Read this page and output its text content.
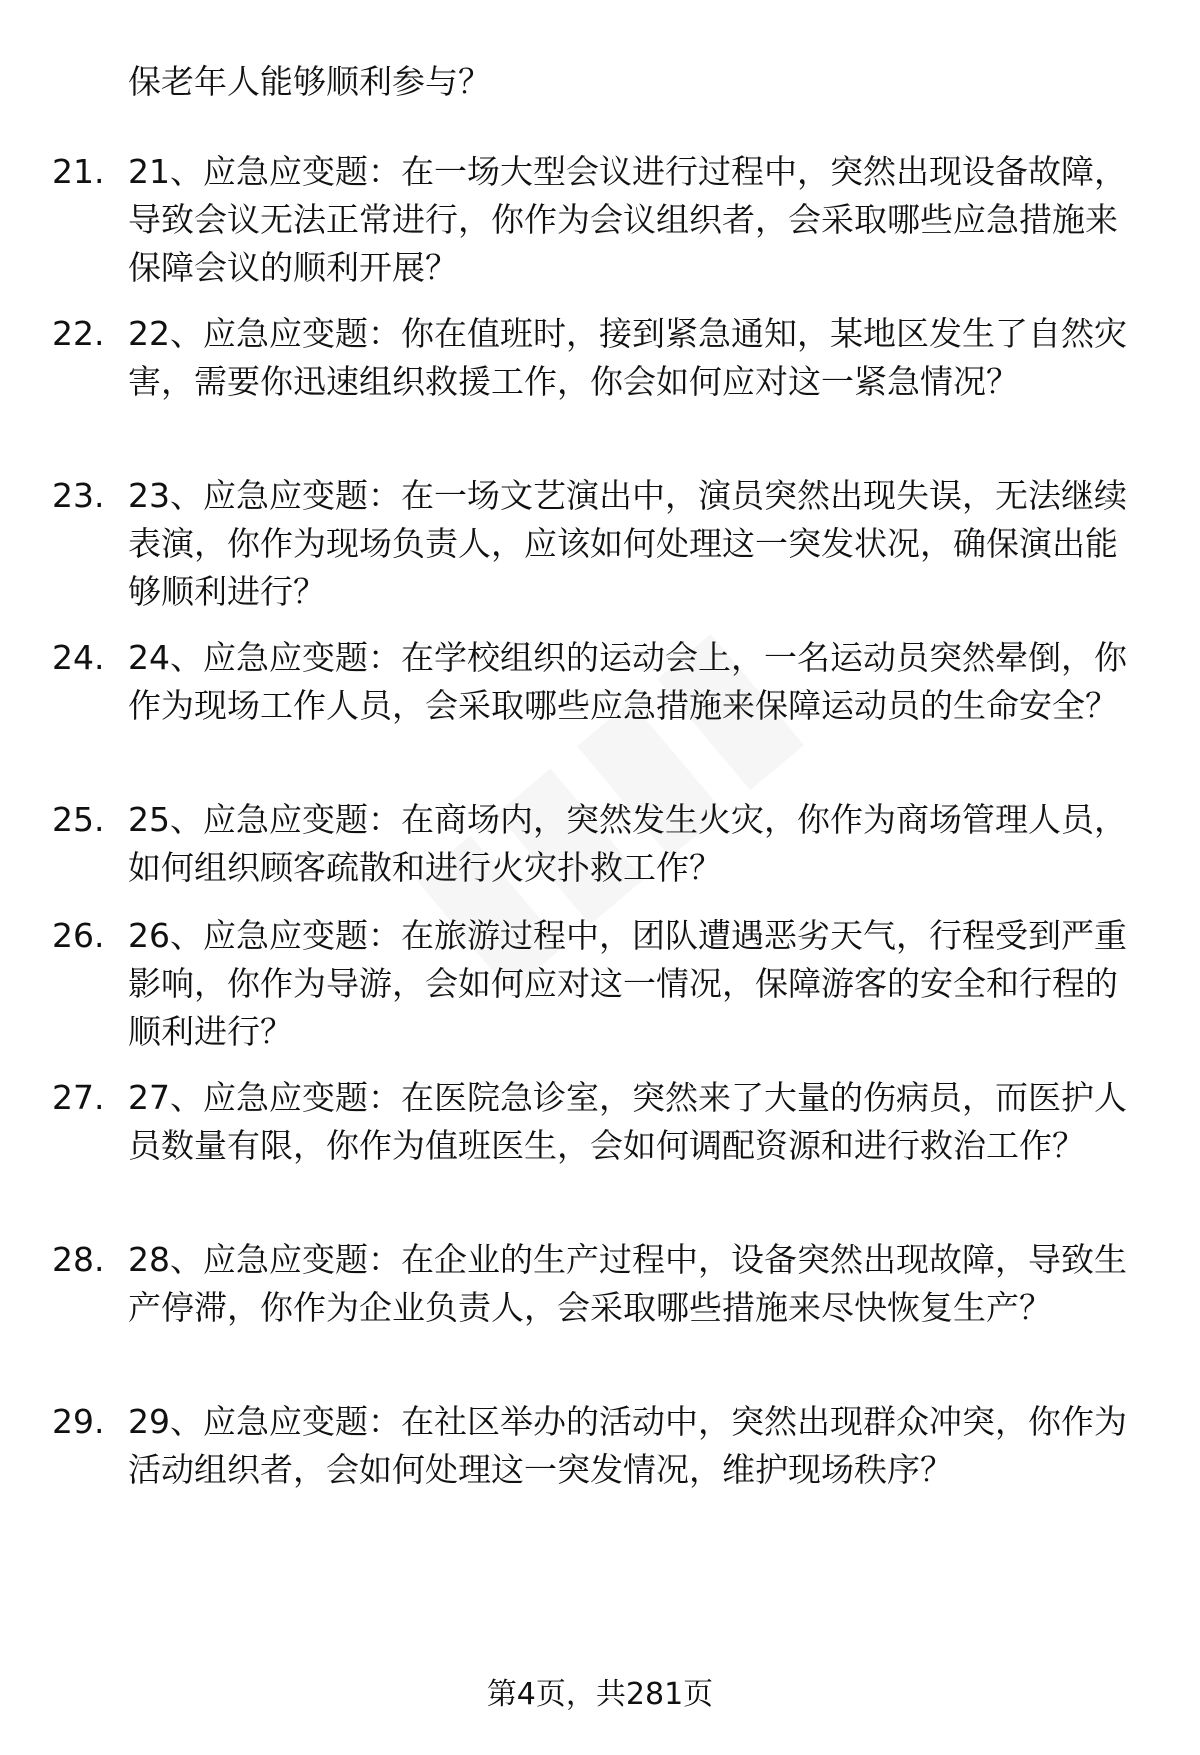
保老年人能够顺利参与？
21. 21、应急应变题：在一场大型会议进行过程中，突然出现设备故障，导致会议无法正常进行，你作为会议组织者，会采取哪些应急措施来保障会议的顺利开展？
22. 22、应急应变题：你在值班时，接到紧急通知，某地区发生了自然灾害，需要你迅速组织救援工作，你会如何应对这一紧急情况？
23. 23、应急应变题：在一场文艺演出中，演员突然出现失误，无法继续表演，你作为现场负责人，应该如何处理这一突发状况，确保演出能够顺利进行？
24. 24、应急应变题：在学校组织的运动会上，一名运动员突然晕倒，你作为现场工作人员，会采取哪些应急措施来保障运动员的生命安全？
25. 25、应急应变题：在商场内，突然发生火灾，你作为商场管理人员，如何组织顾客疏散和进行火灾扑救工作？
26. 26、应急应变题：在旅游过程中，团队遭遇恶劣天气，行程受到严重影响，你作为导游，会如何应对这一情况，保障游客的安全和行程的顺利进行？
27. 27、应急应变题：在医院急诊室，突然来了大量的伤病员，而医护人员数量有限，你作为值班医生，会如何调配资源和进行救治工作？
28. 28、应急应变题：在企业的生产过程中，设备突然出现故障，导致生产停滞，你作为企业负责人，会采取哪些措施来尽快恢复生产？
29. 29、应急应变题：在社区举办的活动中，突然出现群众冲突，你作为活动组织者，会如何处理这一突发情况，维护现场秩序？
第4页，共281页
